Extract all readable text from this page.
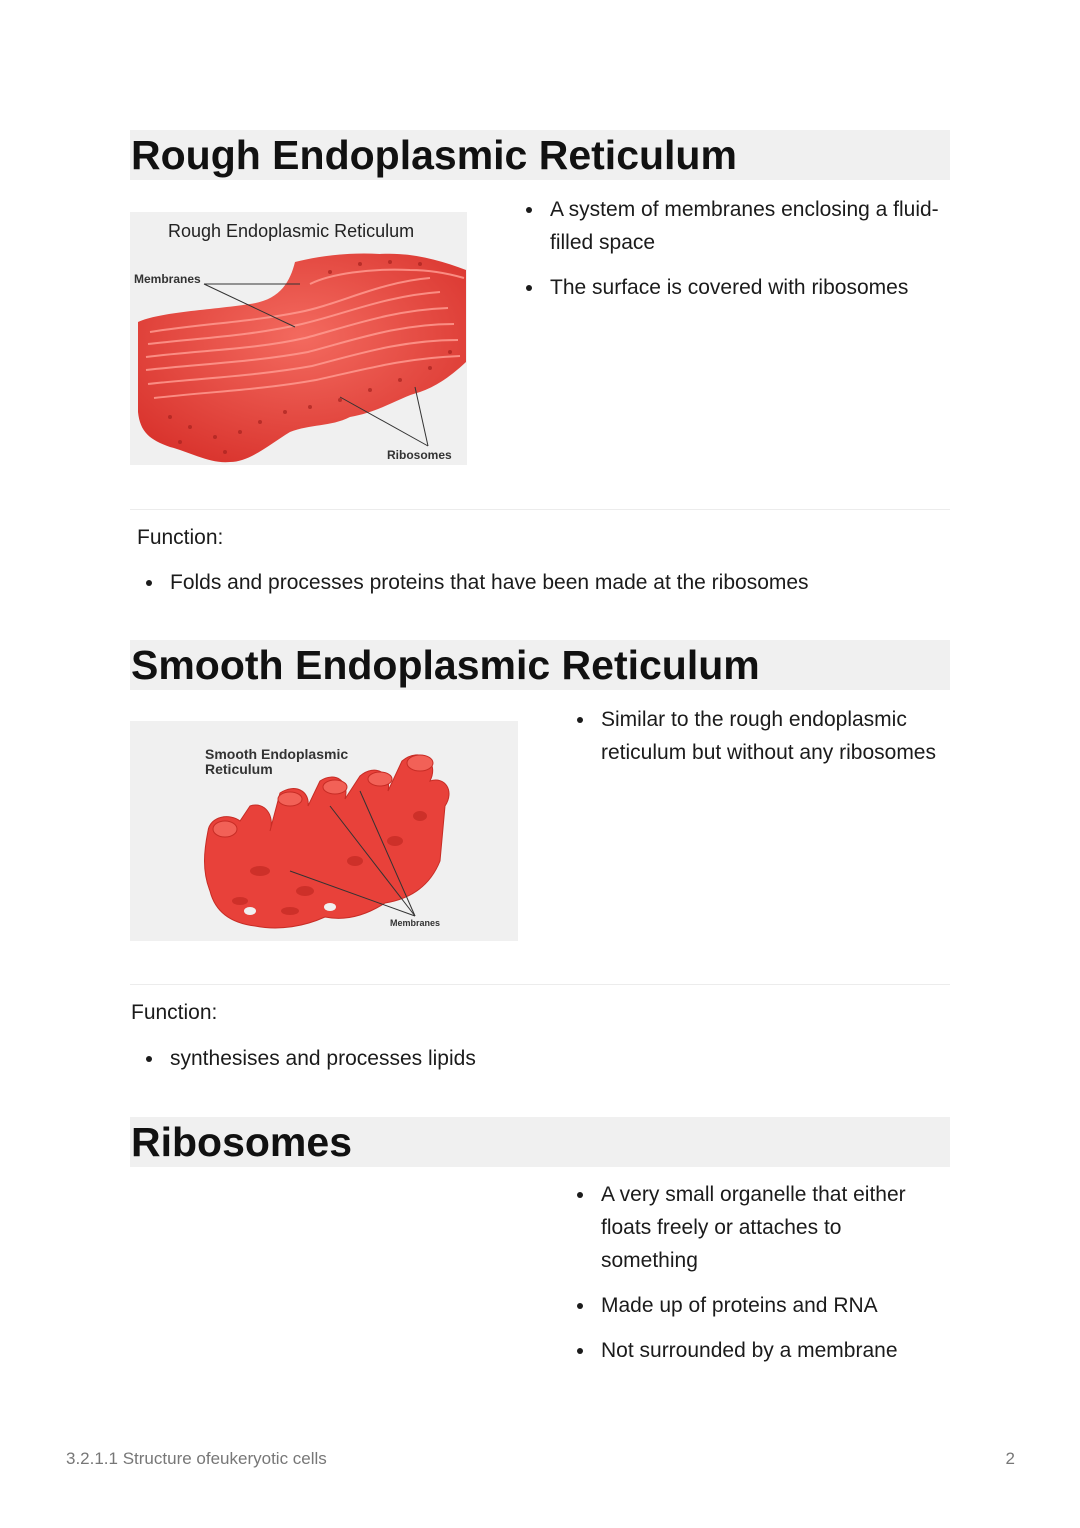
Rough Endoplasmic Reticulum
Rough Endoplasmic Reticulum
Membranes
Ribosomes
A system of membranes enclosing a fluid-filled space
The surface is covered with ribosomes
Function:
Folds and processes proteins that have been made at the ribosomes
Smooth Endoplasmic Reticulum
Smooth Endoplasmic Reticulum
Membranes
Similar to the rough endoplasmic reticulum but without any ribosomes
Function:
synthesises and processes lipids
Ribosomes
A very small organelle that either floats freely or attaches to something
Made up of proteins and RNA
Not surrounded by a membrane
3.2.1.1 Structure ofeukeryotic cells	2
